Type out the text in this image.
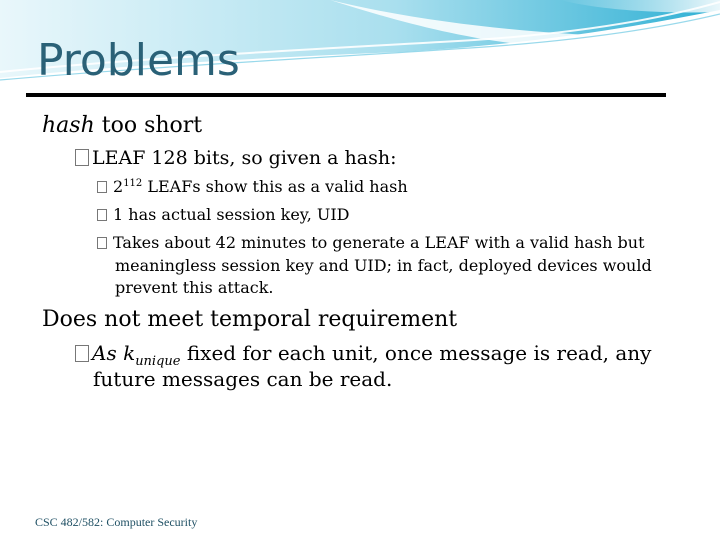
Problems
hash too short
LEAF 128 bits, so given a hash:
$2^{112}$ LEAFs show this as a valid hash
1 has actual session key, UID
Takes about 42 minutes to generate a LEAF with a valid hash but meaningless session key and UID; in fact, deployed devices would prevent this attack.
Does not meet temporal requirement
As $k_{unique}$ fixed for each unit, once message is read, any future messages can be read.
CSC 482/582: Computer Security
